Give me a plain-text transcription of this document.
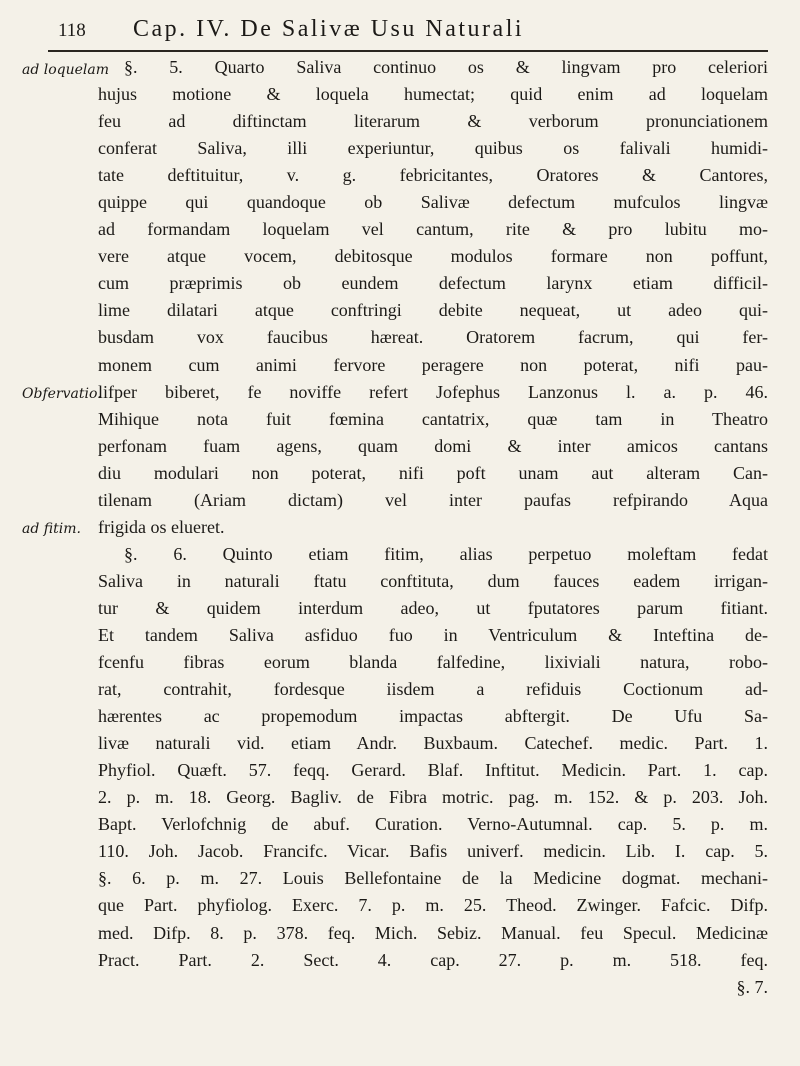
118 Cap. IV. De Salivæ Usu Naturali
ad loquelam
Obfervatio.
ad fitim.
§. 5. Quarto Saliva continuo os & lingvam pro celeriori
hujus motione & loquela humectat; quid enim ad loquelam
feu ad diftinctam literarum & verborum pronunciationem
conferat Saliva, illi experiuntur, quibus os falivali humidi-
tate deftituitur, v. g. febricitantes, Oratores & Cantores,
quippe qui quandoque ob Salivæ defectum mufculos lingvæ
ad formandam loquelam vel cantum, rite & pro lubitu mo-
vere atque vocem, debitosque modulos formare non poffunt,
cum præprimis ob eundem defectum larynx etiam difficil-
lime dilatari atque conftringi debite nequeat, ut adeo qui-
busdam vox faucibus hæreat. Oratorem facrum, qui fer-
monem cum animi fervore peragere non poterat, nifi pau-
lifper biberet, fe noviffe refert Jofephus Lanzonus l. a. p. 46.
Mihique nota fuit fœmina cantatrix, quæ tam in Theatro
perfonam fuam agens, quam domi & inter amicos cantans
diu modulari non poterat, nifi poft unam aut alteram Can-
tilenam (Ariam dictam) vel inter paufas refpirando Aqua
frigida os elueret.
§. 6. Quinto etiam fitim, alias perpetuo moleftam fedat
Saliva in naturali ftatu conftituta, dum fauces eadem irrigan-
tur & quidem interdum adeo, ut fputatores parum fitiant.
Et tandem Saliva asfiduo fuo in Ventriculum & Inteftina de-
fcenfu fibras eorum blanda falfedine, lixiviali natura, robo-
rat, contrahit, fordesque iisdem a refiduis Coctionum ad-
hærentes ac propemodum impactas abftergit. De Ufu Sa-
livæ naturali vid. etiam Andr. Buxbaum. Catechef. medic. Part. 1.
Phyfiol. Quæft. 57. feqq. Gerard. Blaf. Inftitut. Medicin. Part. 1. cap.
2. p. m. 18. Georg. Bagliv. de Fibra motric. pag. m. 152. & p. 203. Joh.
Bapt. Verlofchnig de abuf. Curation. Verno-Autumnal. cap. 5. p. m.
110. Joh. Jacob. Francifc. Vicar. Bafis univerf. medicin. Lib. I. cap. 5.
§. 6. p. m. 27. Louis Bellefontaine de la Medicine dogmat. mechani-
que Part. phyfiolog. Exerc. 7. p. m. 25. Theod. Zwinger. Fafcic. Difp.
med. Difp. 8. p. 378. feq. Mich. Sebiz. Manual. feu Specul. Medicinæ
Pract. Part. 2. Sect. 4. cap. 27. p. m. 518. feq.
§. 7.
